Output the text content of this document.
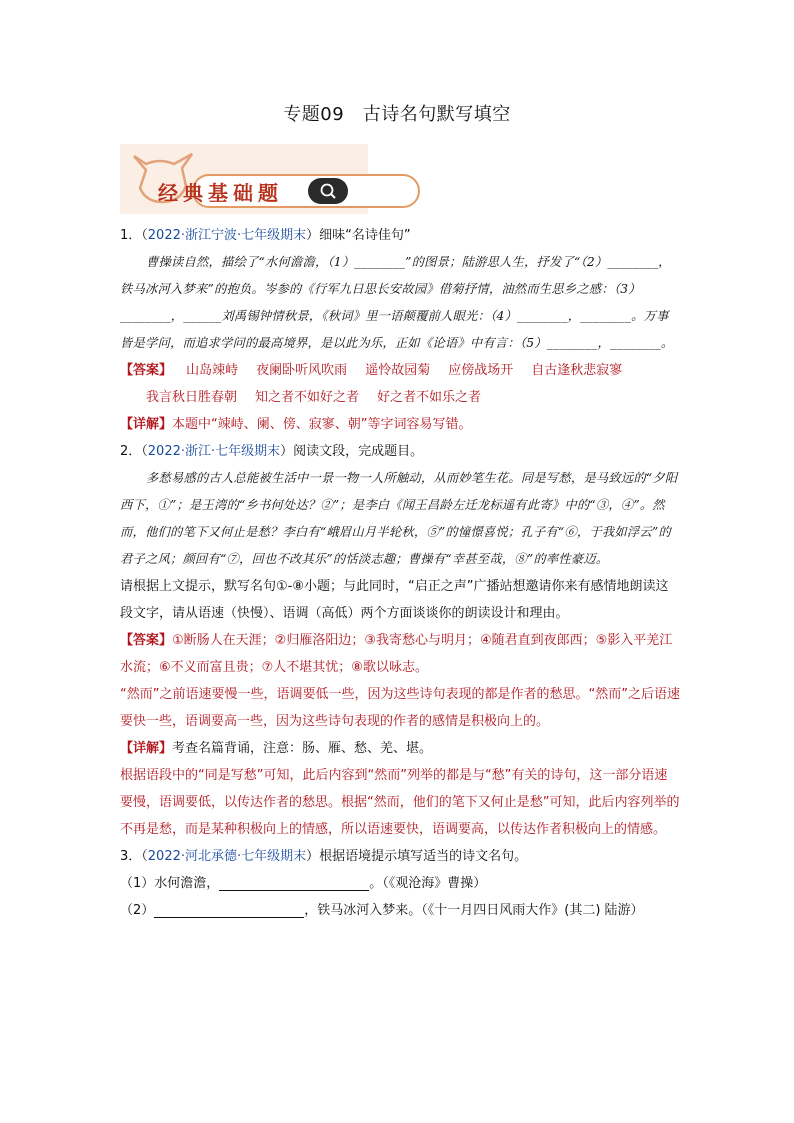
专题09　古诗名句默写填空
经典基础题

1．（2022·浙江宁波·七年级期末）细味“名诗佳句”

曹操读自然，描绘了“水何澹澹，（1）________”的图景；陆游思人生，抒发了“（2）________，铁马冰河入梦来”的抱负。岑参的《行军九日思长安故园》借菊抒情，油然而生思乡之感：（3）________，______刘禹锡钟情秋景，《秋词》里一语颠覆前人眼光：（4）________，________。万事皆是学问，而追求学问的最高境界，是以此为乐，正如《论语》中有言：（5）________，________。

【答案】 山岛竦峙 夜阑卧听风吹雨 遥怜故园菊 应傍战场开 自古逢秋悲寂寥我言秋日胜春朝 知之者不如好之者 好之者不如乐之者

【详解】本题中“竦峙、阑、傍、寂寥、朝”等字词容易写错。

2．（2022·浙江·七年级期末）阅读文段，完成题目。

多愁易感的古人总能被生活中一景一物一人所触动，从而妙笔生花。同是写愁，是马致远的“夕阳西下，①”；是王湾的“乡书何处达？②”；是李白《闻王昌龄左迁龙标遥有此寄》中的“③，④”。然而，他们的笔下又何止是愁？李白有“峨眉山月半轮秋，⑤”的憧憬喜悦；孔子有“⑥，于我如浮云”的君子之风；颜回有“⑦，回也不改其乐”的恬淡志趣；曹操有“幸甚至哉，⑧”的率性豪迈。

请根据上文提示，默写名句①-⑧小题；与此同时，“启正之声”广播站想邀请你来有感情地朗读这段文字，请从语速（快慢）、语调（高低）两个方面谈谈你的朗读设计和理由。

【答案】①断肠人在天涯；②归雁洛阳边；③我寄愁心与明月；④随君直到夜郎西；⑤影入平羌江水流；⑥不义而富且贵；⑦人不堪其忧；⑧歌以咏志。

“然而”之前语速要慢一些，语调要低一些，因为这些诗句表现的都是作者的愁思。“然而”之后语速要快一些，语调要高一些，因为这些诗句表现的作者的感情是积极向上的。

【详解】考查名篇背诵，注意：肠、雁、愁、羌、堪。

根据语段中的“同是写愁”可知，此后内容到“然而”列举的都是与“愁”有关的诗句，这一部分语速要慢，语调要低，以传达作者的愁思。根据“然而，他们的笔下又何止是愁”可知，此后内容列举的不再是愁，而是某种积极向上的情感，所以语速要快，语调要高，以传达作者积极向上的情感。

3．（2022·河北承德·七年级期末）根据语境提示填写适当的诗文名句。

（1）水何澹澹，	。（《观沧海》曹操）

（2）	，铁马冰河入梦来。（《十一月四日风雨大作》(其二) 陆游）
